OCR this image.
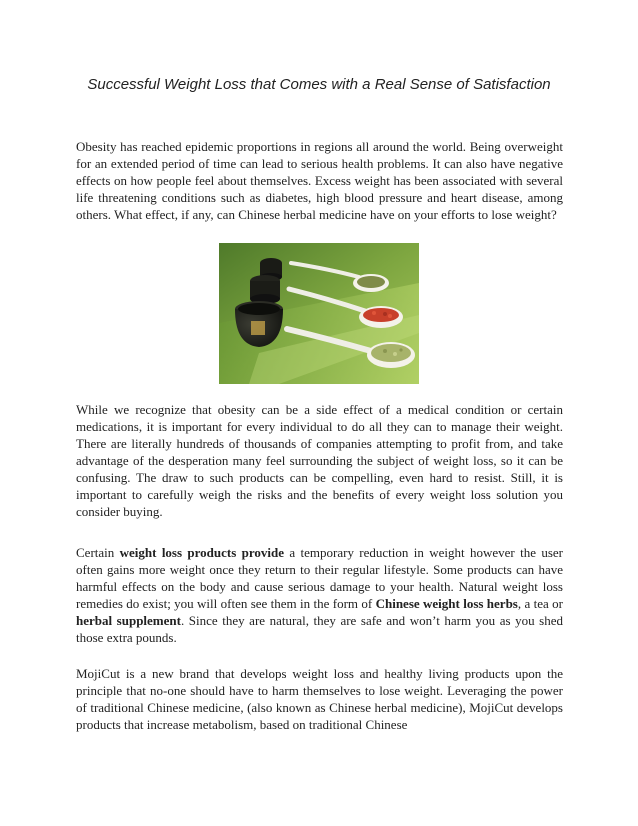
Successful Weight Loss that Comes with a Real Sense of Satisfaction

Obesity has reached epidemic proportions in regions all around the world. Being overweight for an extended period of time can lead to serious health problems. It can also have negative effects on how people feel about themselves. Excess weight has been associated with several life threatening conditions such as diabetes, high blood pressure and heart disease, among others. What effect, if any, can Chinese herbal medicine have on your efforts to lose weight?

While we recognize that obesity can be a side effect of a medical condition or certain medications, it is important for every individual to do all they can to manage their weight. There are literally hundreds of thousands of companies attempting to profit from, and take advantage of the desperation many feel surrounding the subject of weight loss, so it can be confusing. The draw to such products can be compelling, even hard to resist. Still, it is important to carefully weigh the risks and the benefits of every weight loss solution you consider buying.

Certain weight loss products provide a temporary reduction in weight however the user often gains more weight once they return to their regular lifestyle. Some products can have harmful effects on the body and cause serious damage to your health. Natural weight loss remedies do exist; you will often see them in the form of Chinese weight loss herbs, a tea or herbal supplement. Since they are natural, they are safe and won’t harm you as you shed those extra pounds.

MojiCut is a new brand that develops weight loss and healthy living products upon the principle that no-one should have to harm themselves to lose weight. Leveraging the power of traditional Chinese medicine, (also known as Chinese herbal medicine), MojiCut develops products that increase metabolism, based on traditional Chinese
